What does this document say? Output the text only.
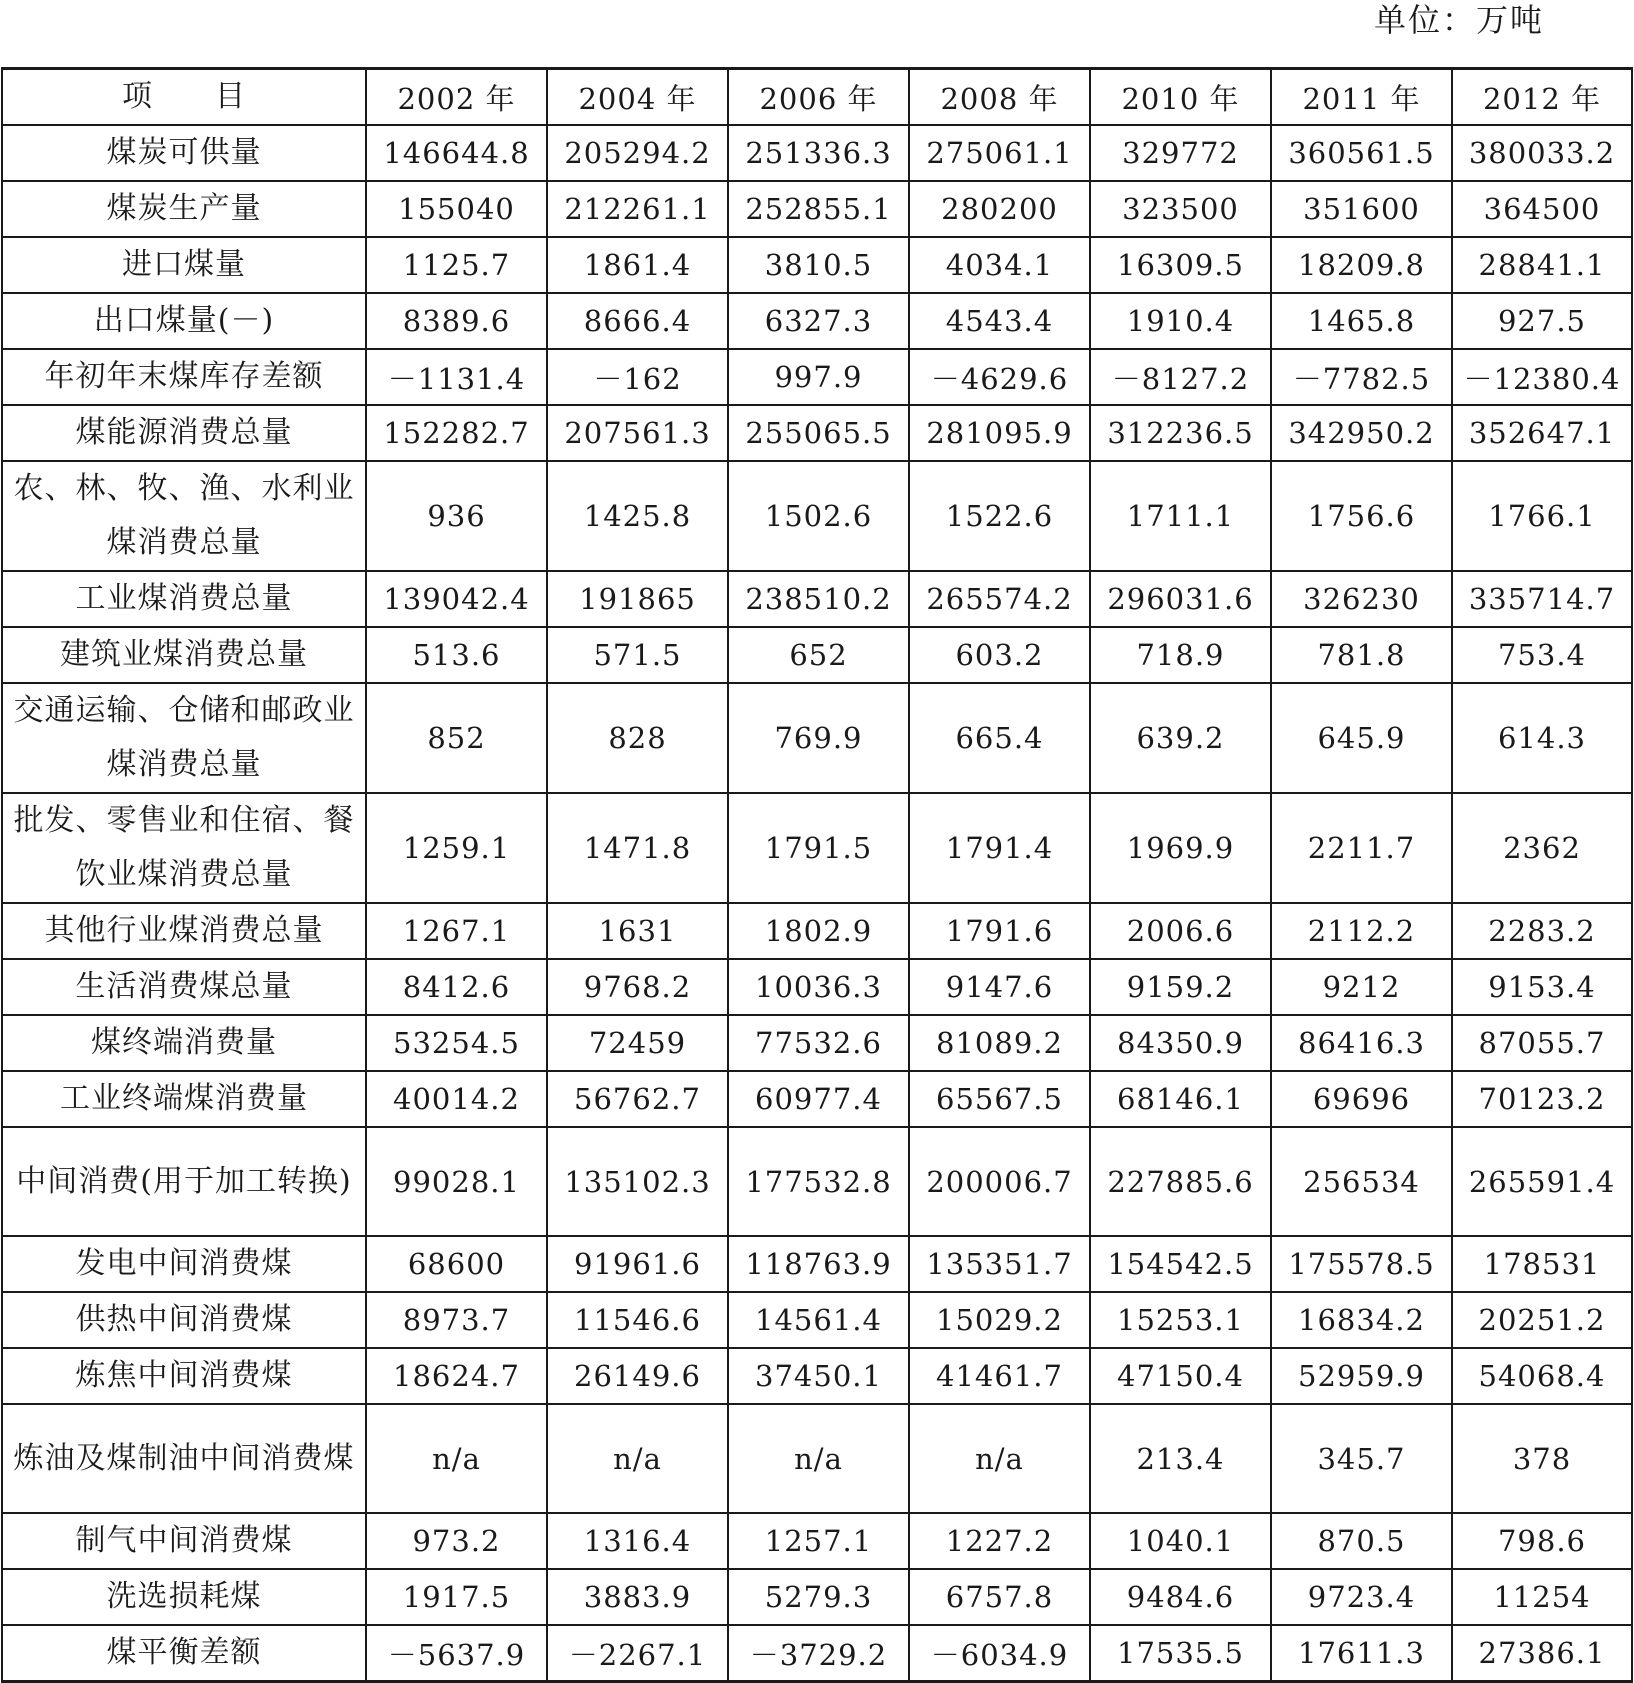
单位：万吨
项　　目	2002 年	2004 年	2006 年	2008 年	2010 年	2011 年	2012 年
煤炭可供量	146644.8	205294.2	251336.3	275061.1	329772	360561.5	380033.2
煤炭生产量	155040	212261.1	252855.1	280200	323500	351600	364500
进口煤量	1125.7	1861.4	3810.5	4034.1	16309.5	18209.8	28841.1
出口煤量(－)	8389.6	8666.4	6327.3	4543.4	1910.4	1465.8	927.5
年初年末煤库存差额	－1131.4	－162	997.9	－4629.6	－8127.2	－7782.5	－12380.4
煤能源消费总量	152282.7	207561.3	255065.5	281095.9	312236.5	342950.2	352647.1
农、林、牧、渔、水利业煤消费总量	936	1425.8	1502.6	1522.6	1711.1	1756.6	1766.1
工业煤消费总量	139042.4	191865	238510.2	265574.2	296031.6	326230	335714.7
建筑业煤消费总量	513.6	571.5	652	603.2	718.9	781.8	753.4
交通运输、仓储和邮政业煤消费总量	852	828	769.9	665.4	639.2	645.9	614.3
批发、零售业和住宿、餐饮业煤消费总量	1259.1	1471.8	1791.5	1791.4	1969.9	2211.7	2362
其他行业煤消费总量	1267.1	1631	1802.9	1791.6	2006.6	2112.2	2283.2
生活消费煤总量	8412.6	9768.2	10036.3	9147.6	9159.2	9212	9153.4
煤终端消费量	53254.5	72459	77532.6	81089.2	84350.9	86416.3	87055.7
工业终端煤消费量	40014.2	56762.7	60977.4	65567.5	68146.1	69696	70123.2
中间消费(用于加工转换)	99028.1	135102.3	177532.8	200006.7	227885.6	256534	265591.4
发电中间消费煤	68600	91961.6	118763.9	135351.7	154542.5	175578.5	178531
供热中间消费煤	8973.7	11546.6	14561.4	15029.2	15253.1	16834.2	20251.2
炼焦中间消费煤	18624.7	26149.6	37450.1	41461.7	47150.4	52959.9	54068.4
炼油及煤制油中间消费煤	n/a	n/a	n/a	n/a	213.4	345.7	378
制气中间消费煤	973.2	1316.4	1257.1	1227.2	1040.1	870.5	798.6
洗选损耗煤	1917.5	3883.9	5279.3	6757.8	9484.6	9723.4	11254
煤平衡差额	－5637.9	－2267.1	－3729.2	－6034.9	17535.5	17611.3	27386.1
